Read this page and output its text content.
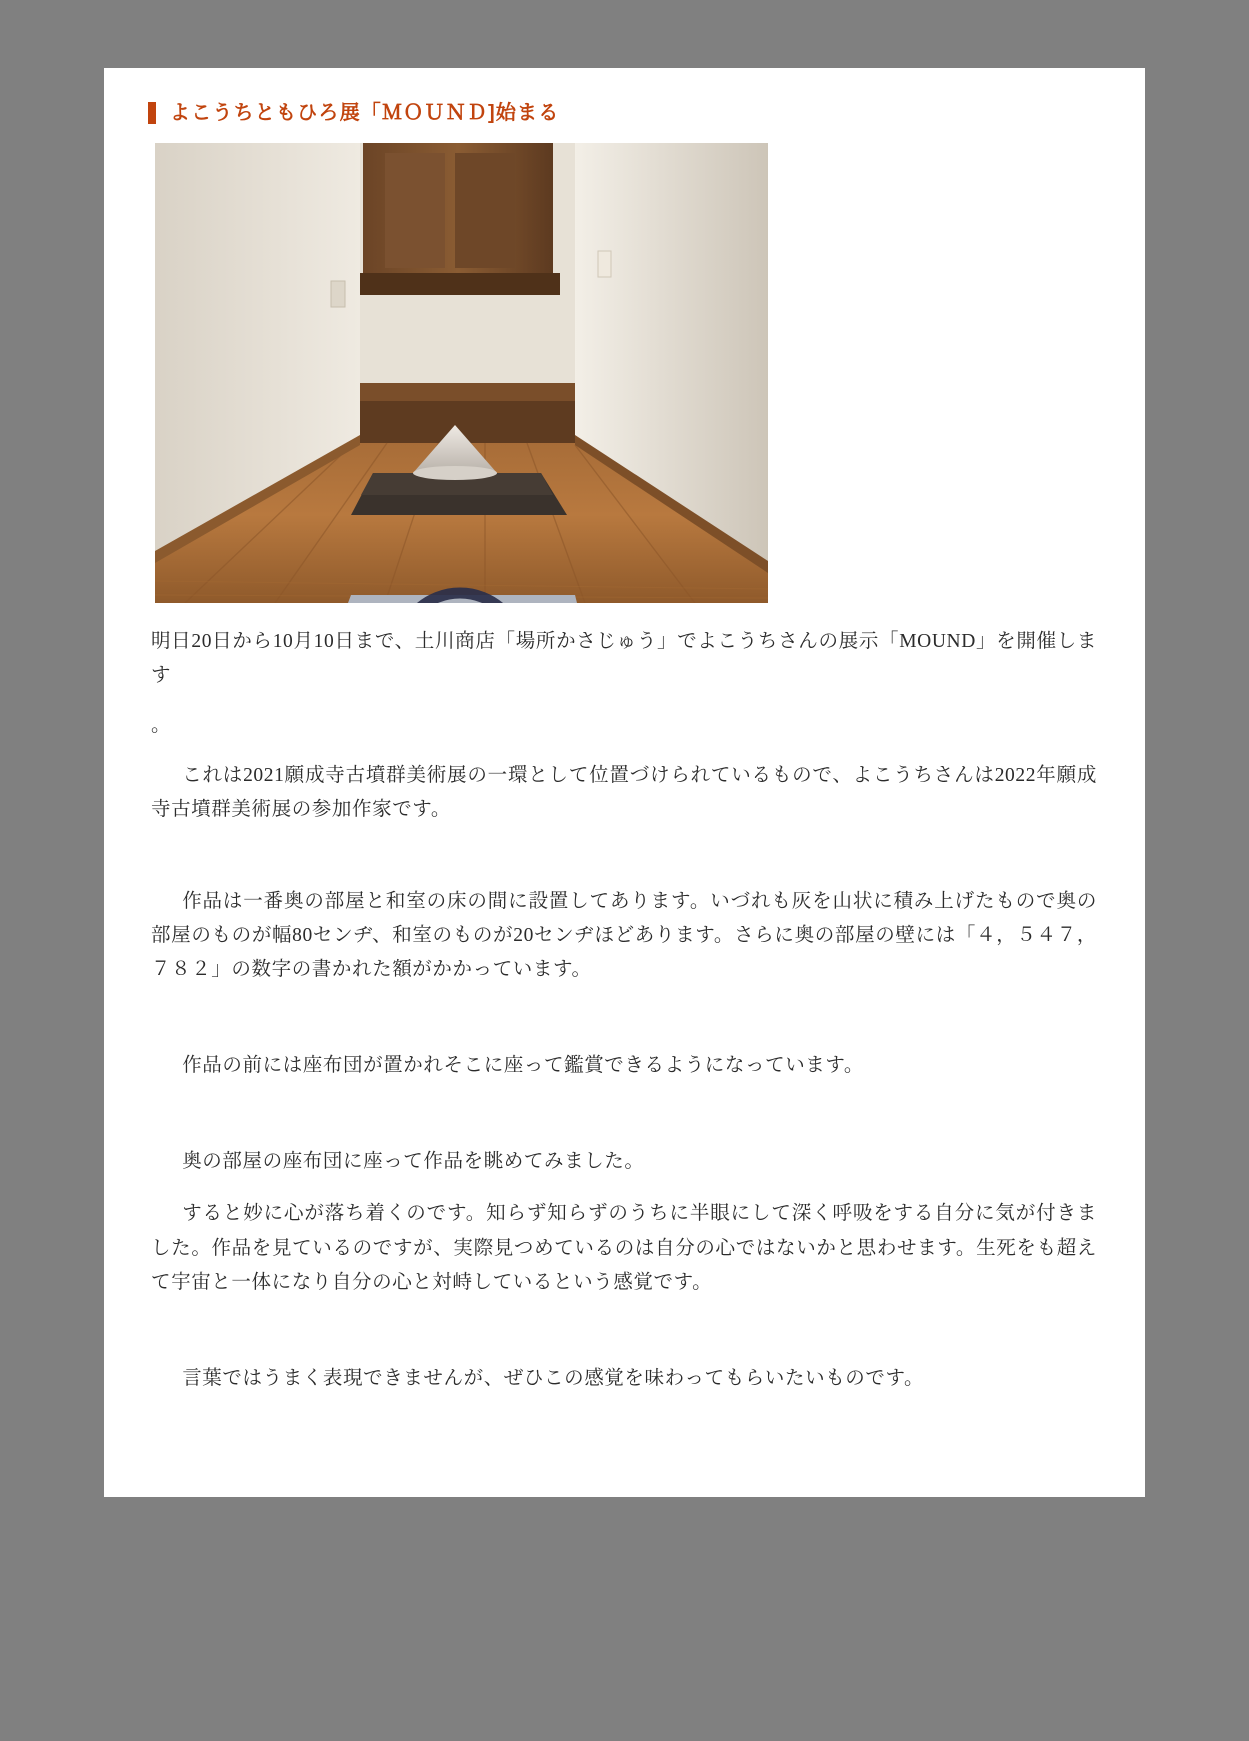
よこうちともひろ展「ＭＯＵＮＤ]始まる

明日20日から10月10日まで、土川商店「場所かさじゅう」でよこうちさんの展示「MOUND」を開催します

。

これは2021願成寺古墳群美術展の一環として位置づけられているもので、よこうちさんは2022年願成寺古墳群美術展の参加作家です。

作品は一番奥の部屋と和室の床の間に設置してあります。いづれも灰を山状に積み上げたもので奥の部屋のものが幅80センヂ、和室のものが20センヂほどあります。さらに奥の部屋の壁には「４，５４７，７８２」の数字の書かれた額がかかっています。

作品の前には座布団が置かれそこに座って鑑賞できるようになっています。

奥の部屋の座布団に座って作品を眺めてみました。

すると妙に心が落ち着くのです。知らず知らずのうちに半眼にして深く呼吸をする自分に気が付きました。作品を見ているのですが、実際見つめているのは自分の心ではないかと思わせます。生死をも超えて宇宙と一体になり自分の心と対峙しているという感覚です。

言葉ではうまく表現できませんが、ぜひこの感覚を味わってもらいたいものです。
